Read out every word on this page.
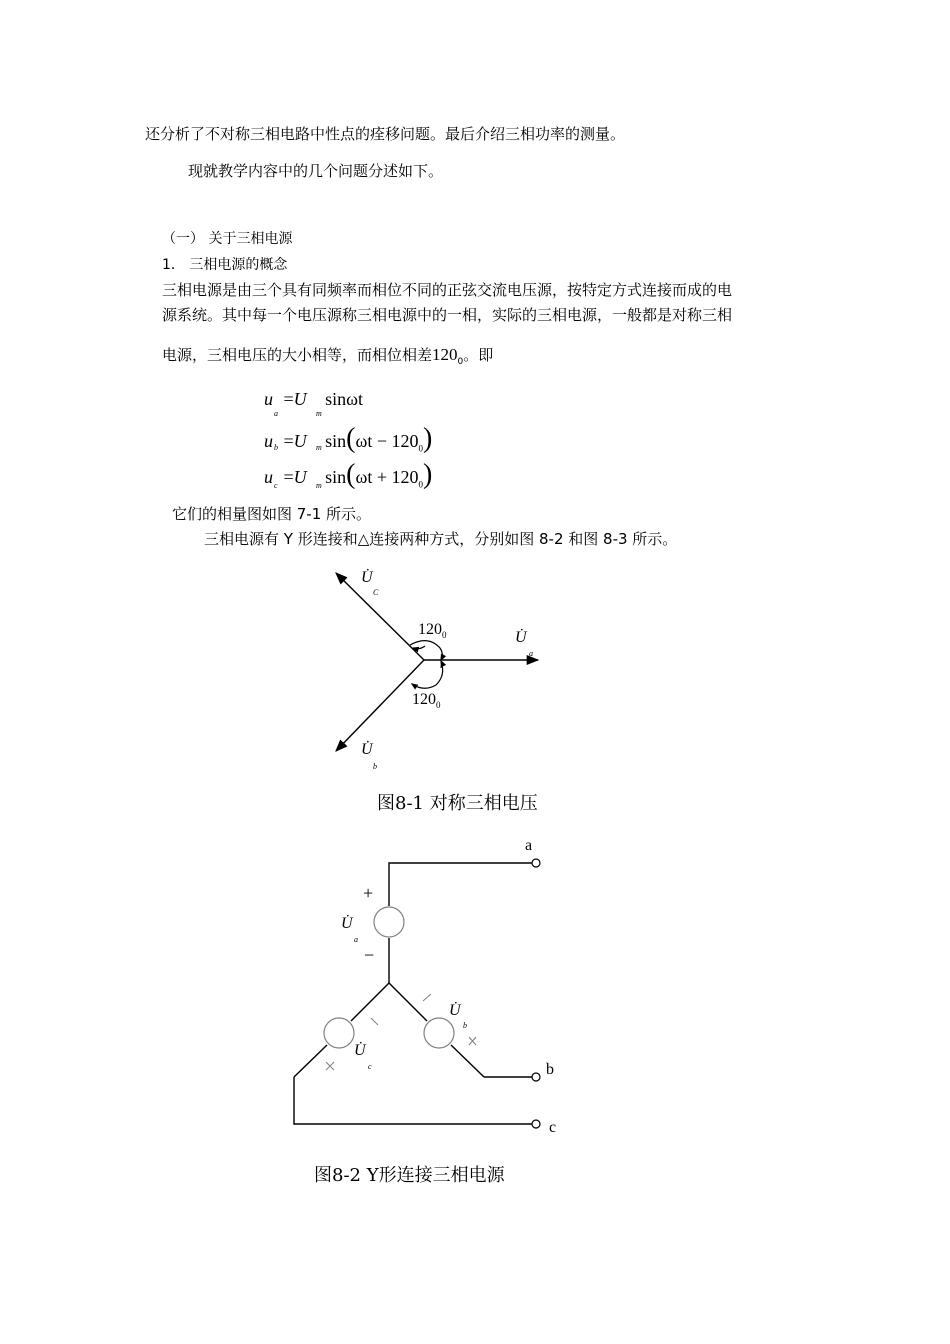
还分析了不对称三相电路中性点的痊移问题。最后介绍三相功率的测量。
现就教学内容中的几个问题分述如下。
（一） 关于三相电源
1． 三相电源的概念
三相电源是由三个具有同频率而相位不同的正弦交流电压源，按特定方式连接而成的电
源系统。其中每一个电压源称三相电源中的一相，实际的三相电源，一般都是对称三相
电源，三相电压的大小相等，而相位相差$120_0$。即
u
a
=U
m
sinωt
u b =U m $\sin(\omega t - 120_0)$
u c =U m $\sin(\omega t + 120_0)$
它们的相量图如图 7-1 所示。
三相电源有 Y 形连接和△连接两种方式，分别如图 8-2 和图 8-3 所示。
U̇
C
U̇
a
U̇
b
$120_0$
$120_0$
图8-1 对称三相电压
a
b
c
+
−
U̇
a
U̇
b
U̇
c
图8-2 Y形连接三相电源
